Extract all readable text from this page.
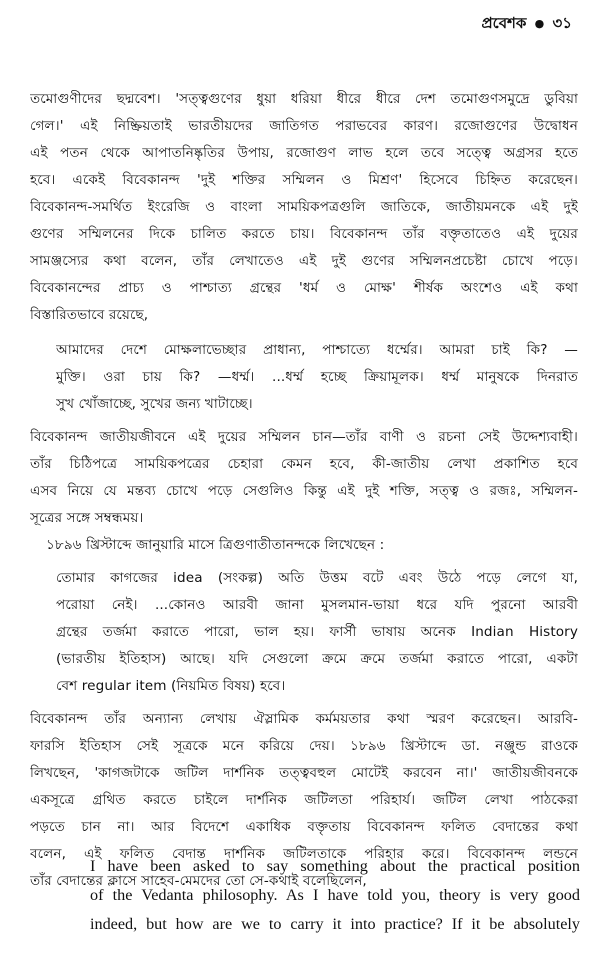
প্রবেশক ● ৩১

তমোগুণীদের ছদ্মবেশ। 'সত্ত্বগুণের ধুয়া ধরিয়া ধীরে ধীরে দেশ তমোগুণসমুদ্রে ডুবিয়া
গেল।' এই নিষ্ক্রিয়তাই ভারতীয়দের জাতিগত পরাভবের কারণ। রজোগুণের উদ্বোধন
এই পতন থেকে আপাতনিষ্কৃতির উপায়, রজোগুণ লাভ হলে তবে সত্ত্বে অগ্রসর হতে
হবে। একেই বিবেকানন্দ 'দুই শক্তির সম্মিলন ও মিশ্রণ' হিসেবে চিহ্নিত করেছেন।
বিবেকানন্দ-সমর্থিত ইংরেজি ও বাংলা সাময়িকপত্রগুলি জাতিকে, জাতীয়মনকে এই দুই
গুণের সম্মিলনের দিকে চালিত করতে চায়। বিবেকানন্দ তাঁর বক্তৃতাতেও এই দুয়ের
সামঞ্জস্যের কথা বলেন, তাঁর লেখাতেও এই দুই গুণের সম্মিলনপ্রচেষ্টা চোখে পড়ে।
বিবেকানন্দের প্রাচ্য ও পাশ্চাত্য গ্রন্থের 'ধর্ম ও মোক্ষ' শীর্ষক অংশেও এই কথা
বিস্তারিতভাবে রয়েছে,

আমাদের দেশে মোক্ষলাভেচ্ছার প্রাধান্য, পাশ্চাত্যে ধর্ম্মের। আমরা চাই কি? —
মুক্তি। ওরা চায় কি? —ধর্ম্ম। ...ধর্ম্ম হচ্ছে ক্রিয়ামূলক। ধর্ম্ম মানুষকে দিনরাত
সুখ খোঁজাচ্ছে, সুখের জন্য খাটাচ্ছে।

বিবেকানন্দ জাতীয়জীবনে এই দুয়ের সম্মিলন চান—তাঁর বাণী ও রচনা সেই উদ্দেশ্যবাহী।
তাঁর চিঠিপত্রে সাময়িকপত্রের চেহারা কেমন হবে, কী-জাতীয় লেখা প্রকাশিত হবে
এসব নিয়ে যে মন্তব্য চোখে পড়ে সেগুলিও কিন্তু এই দুই শক্তি, সত্ত্ব ও রজঃ, সম্মিলন-
সূত্রের সঙ্গে সম্বন্ধময়।
১৮৯৬ খ্রিস্টাব্দে জানুয়ারি মাসে ত্রিগুণাতীতানন্দকে লিখেছেন :

তোমার কাগজের idea (সংকল্প) অতি উত্তম বটে এবং উঠে পড়ে লেগে যা,
পরোয়া নেই। ...কোনও আরবী জানা মুসলমান-ভায়া ধরে যদি পুরনো আরবী
গ্রন্থের তর্জমা করাতে পারো, ভাল হয়। ফার্সী ভাষায় অনেক Indian History
(ভারতীয় ইতিহাস) আছে। যদি সেগুলো ক্রমে ক্রমে তর্জমা করাতে পারো, একটা
বেশ regular item (নিয়মিত বিষয়) হবে।

বিবেকানন্দ তাঁর অন্যান্য লেখায় ঐস্লামিক কর্মময়তার কথা স্মরণ করেছেন। আরবি-
ফারসি ইতিহাস সেই সূত্রকে মনে করিয়ে দেয়। ১৮৯৬ খ্রিস্টাব্দে ডা. নঞ্জুন্ড রাওকে
লিখছেন, 'কাগজটাকে জটিল দার্শনিক তত্ত্ববহুল মোটেই করবেন না।' জাতীয়জীবনকে
একসূত্রে গ্রথিত করতে চাইলে দার্শনিক জটিলতা পরিহার্য। জটিল লেখা পাঠকেরা
পড়তে চান না। আর বিদেশে একাধিক বক্তৃতায় বিবেকানন্দ ফলিত বেদান্তের কথা
বলেন, এই ফলিত বেদান্ত দার্শনিক জটিলতাকে পরিহার করে। বিবেকানন্দ লন্ডনে
তাঁর বেদান্তের ক্লাসে সাহেব-মেমদের তো সে-কথাই বলেছিলেন,

I have been asked to say something about the practical position
of the Vedanta philosophy. As I have told you, theory is very good
indeed, but how are we to carry it into practice? If it be absolutely
